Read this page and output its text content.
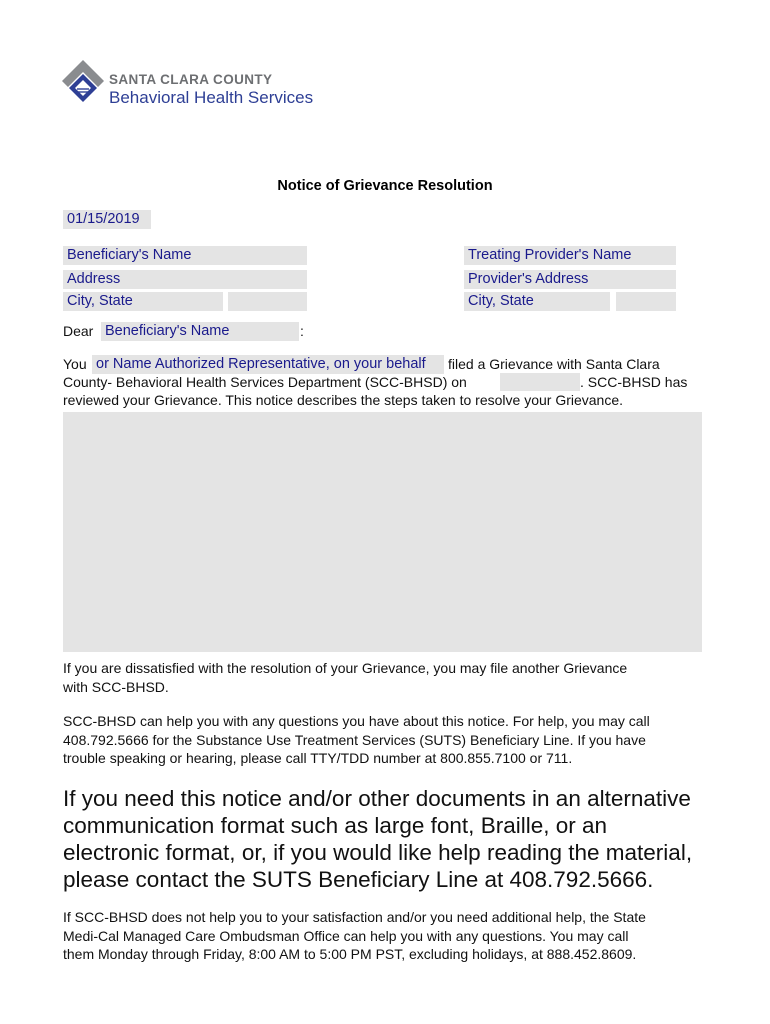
SANTA CLARA COUNTY
Behavioral Health Services
Notice of Grievance Resolution
01/15/2019
Beneficiary's Name
Address
City, State
Treating Provider's Name
Provider's Address
City, State
Dear Beneficiary's Name	:
You or Name Authorized Representative, on your behalf	filed a Grievance with Santa Clara
County- Behavioral Health Services Department (SCC-BHSD) on	. SCC-BHSD has
reviewed your Grievance. This notice describes the steps taken to resolve your Grievance.
If you are dissatisfied with the resolution of your Grievance, you may file another Grievance
with SCC-BHSD.
SCC-BHSD can help you with any questions you have about this notice. For help, you may call
408.792.5666 for the Substance Use Treatment Services (SUTS) Beneficiary Line. If you have
trouble speaking or hearing, please call TTY/TDD number at 800.855.7100 or 711.
If you need this notice and/or other documents in an alternative
communication format such as large font, Braille, or an
electronic format, or, if you would like help reading the material,
please contact the SUTS Beneficiary Line at 408.792.5666.
If SCC-BHSD does not help you to your satisfaction and/or you need additional help, the State
Medi-Cal Managed Care Ombudsman Office can help you with any questions. You may call
them Monday through Friday, 8:00 AM to 5:00 PM PST, excluding holidays, at 888.452.8609.
